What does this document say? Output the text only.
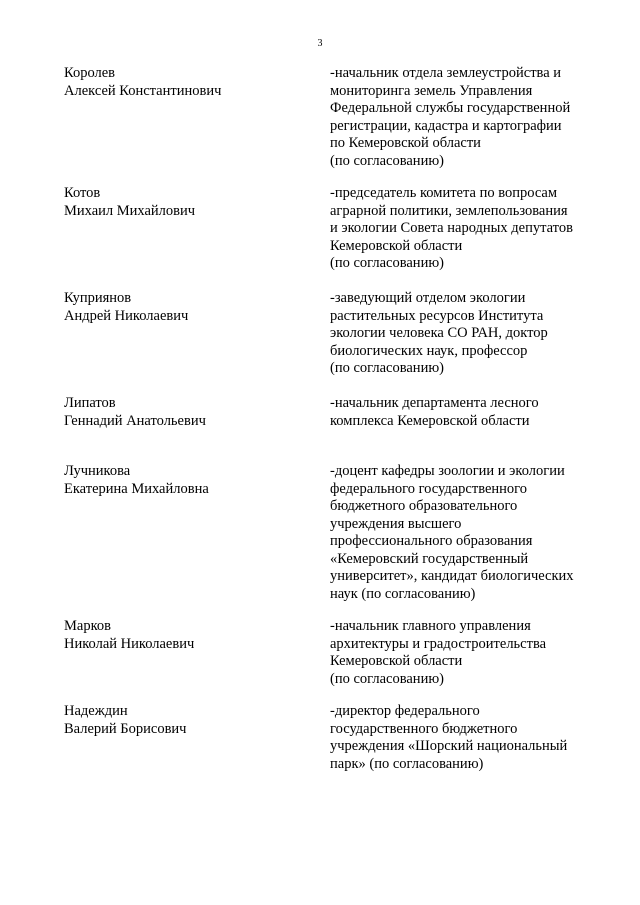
3
Королев
Алексей Константинович
-начальник отдела землеустройства и
мониторинга земель Управления
Федеральной службы государственной
регистрации, кадастра и картографии
по Кемеровской области
(по согласованию)
Котов
Михаил Михайлович
-председатель комитета по вопросам
аграрной политики, землепользования
и экологии Совета народных депутатов
Кемеровской области
(по согласованию)
Куприянов
Андрей Николаевич
-заведующий отделом экологии
растительных ресурсов Института
экологии человека СО РАН, доктор
биологических наук, профессор
(по согласованию)
Липатов
Геннадий Анатольевич
-начальник департамента лесного
комплекса Кемеровской области
Лучникова
Екатерина Михайловна
-доцент кафедры зоологии и экологии
федерального государственного
бюджетного образовательного
учреждения высшего
профессионального образования
«Кемеровский государственный
университет», кандидат биологических
наук (по согласованию)
Марков
Николай Николаевич
-начальник главного управления
архитектуры и градостроительства
Кемеровской области
(по согласованию)
Надеждин
Валерий Борисович
-директор федерального
государственного бюджетного
учреждения «Шорский национальный
парк» (по согласованию)
